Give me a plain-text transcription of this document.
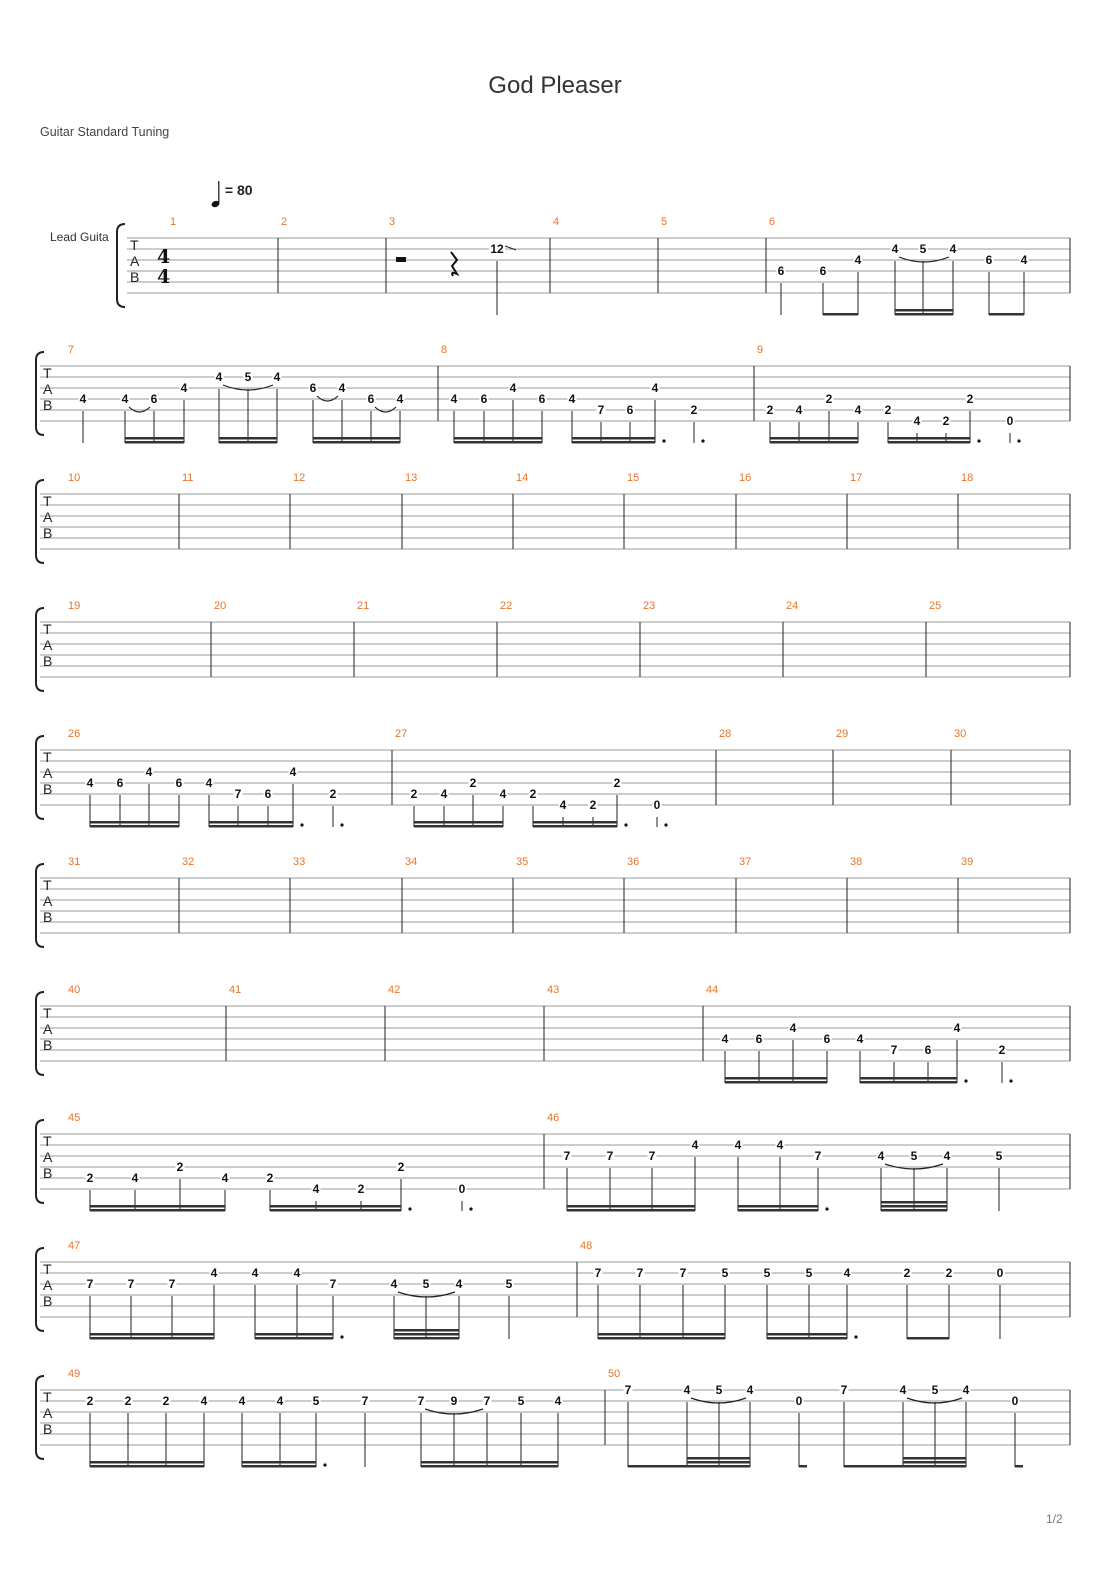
God Pleaser
Guitar Standard Tuning
= 80
Lead Guita
1/2
T
A
B
4
4
1	2	3
12
4	5	6
6	6
4
4 5 4
6 4
T
A
B
7
4	4 6
4
4 5 4
6 4
6 4
8
4 6
4
6 4
7 6
4
2
9
2 4
2
4 2
4 2
2
0
T
A
B
10	11	12	13	14	15	16	17	18
T
A
B
19	20	21	22	23	24	25
T
A
B
26
4 6
4
6 4
7 6
4
2
27
2 4
2
4 2
4 2
2
0
28	29	30
T
A
B
31	32	33	34	35	36	37	38	39
T
A
B
40	41	42	43	44
4 6
4
6 4
7 6
4
2
T
A
B
45
2	4
2
4	2
4	2
2
0
46
7	7	7
4	4	4
7	4 5 4	5
T
A
B
47
7	7	7
4	4	4
7	4 5 4	5
48
7	7	7	5	5	5	4	2	2	0
T
A
B
49
2	2	2	4	4	4 5	7	7 9 7 5	4
50
7	4 5 4
0
7	4 5 4
0
